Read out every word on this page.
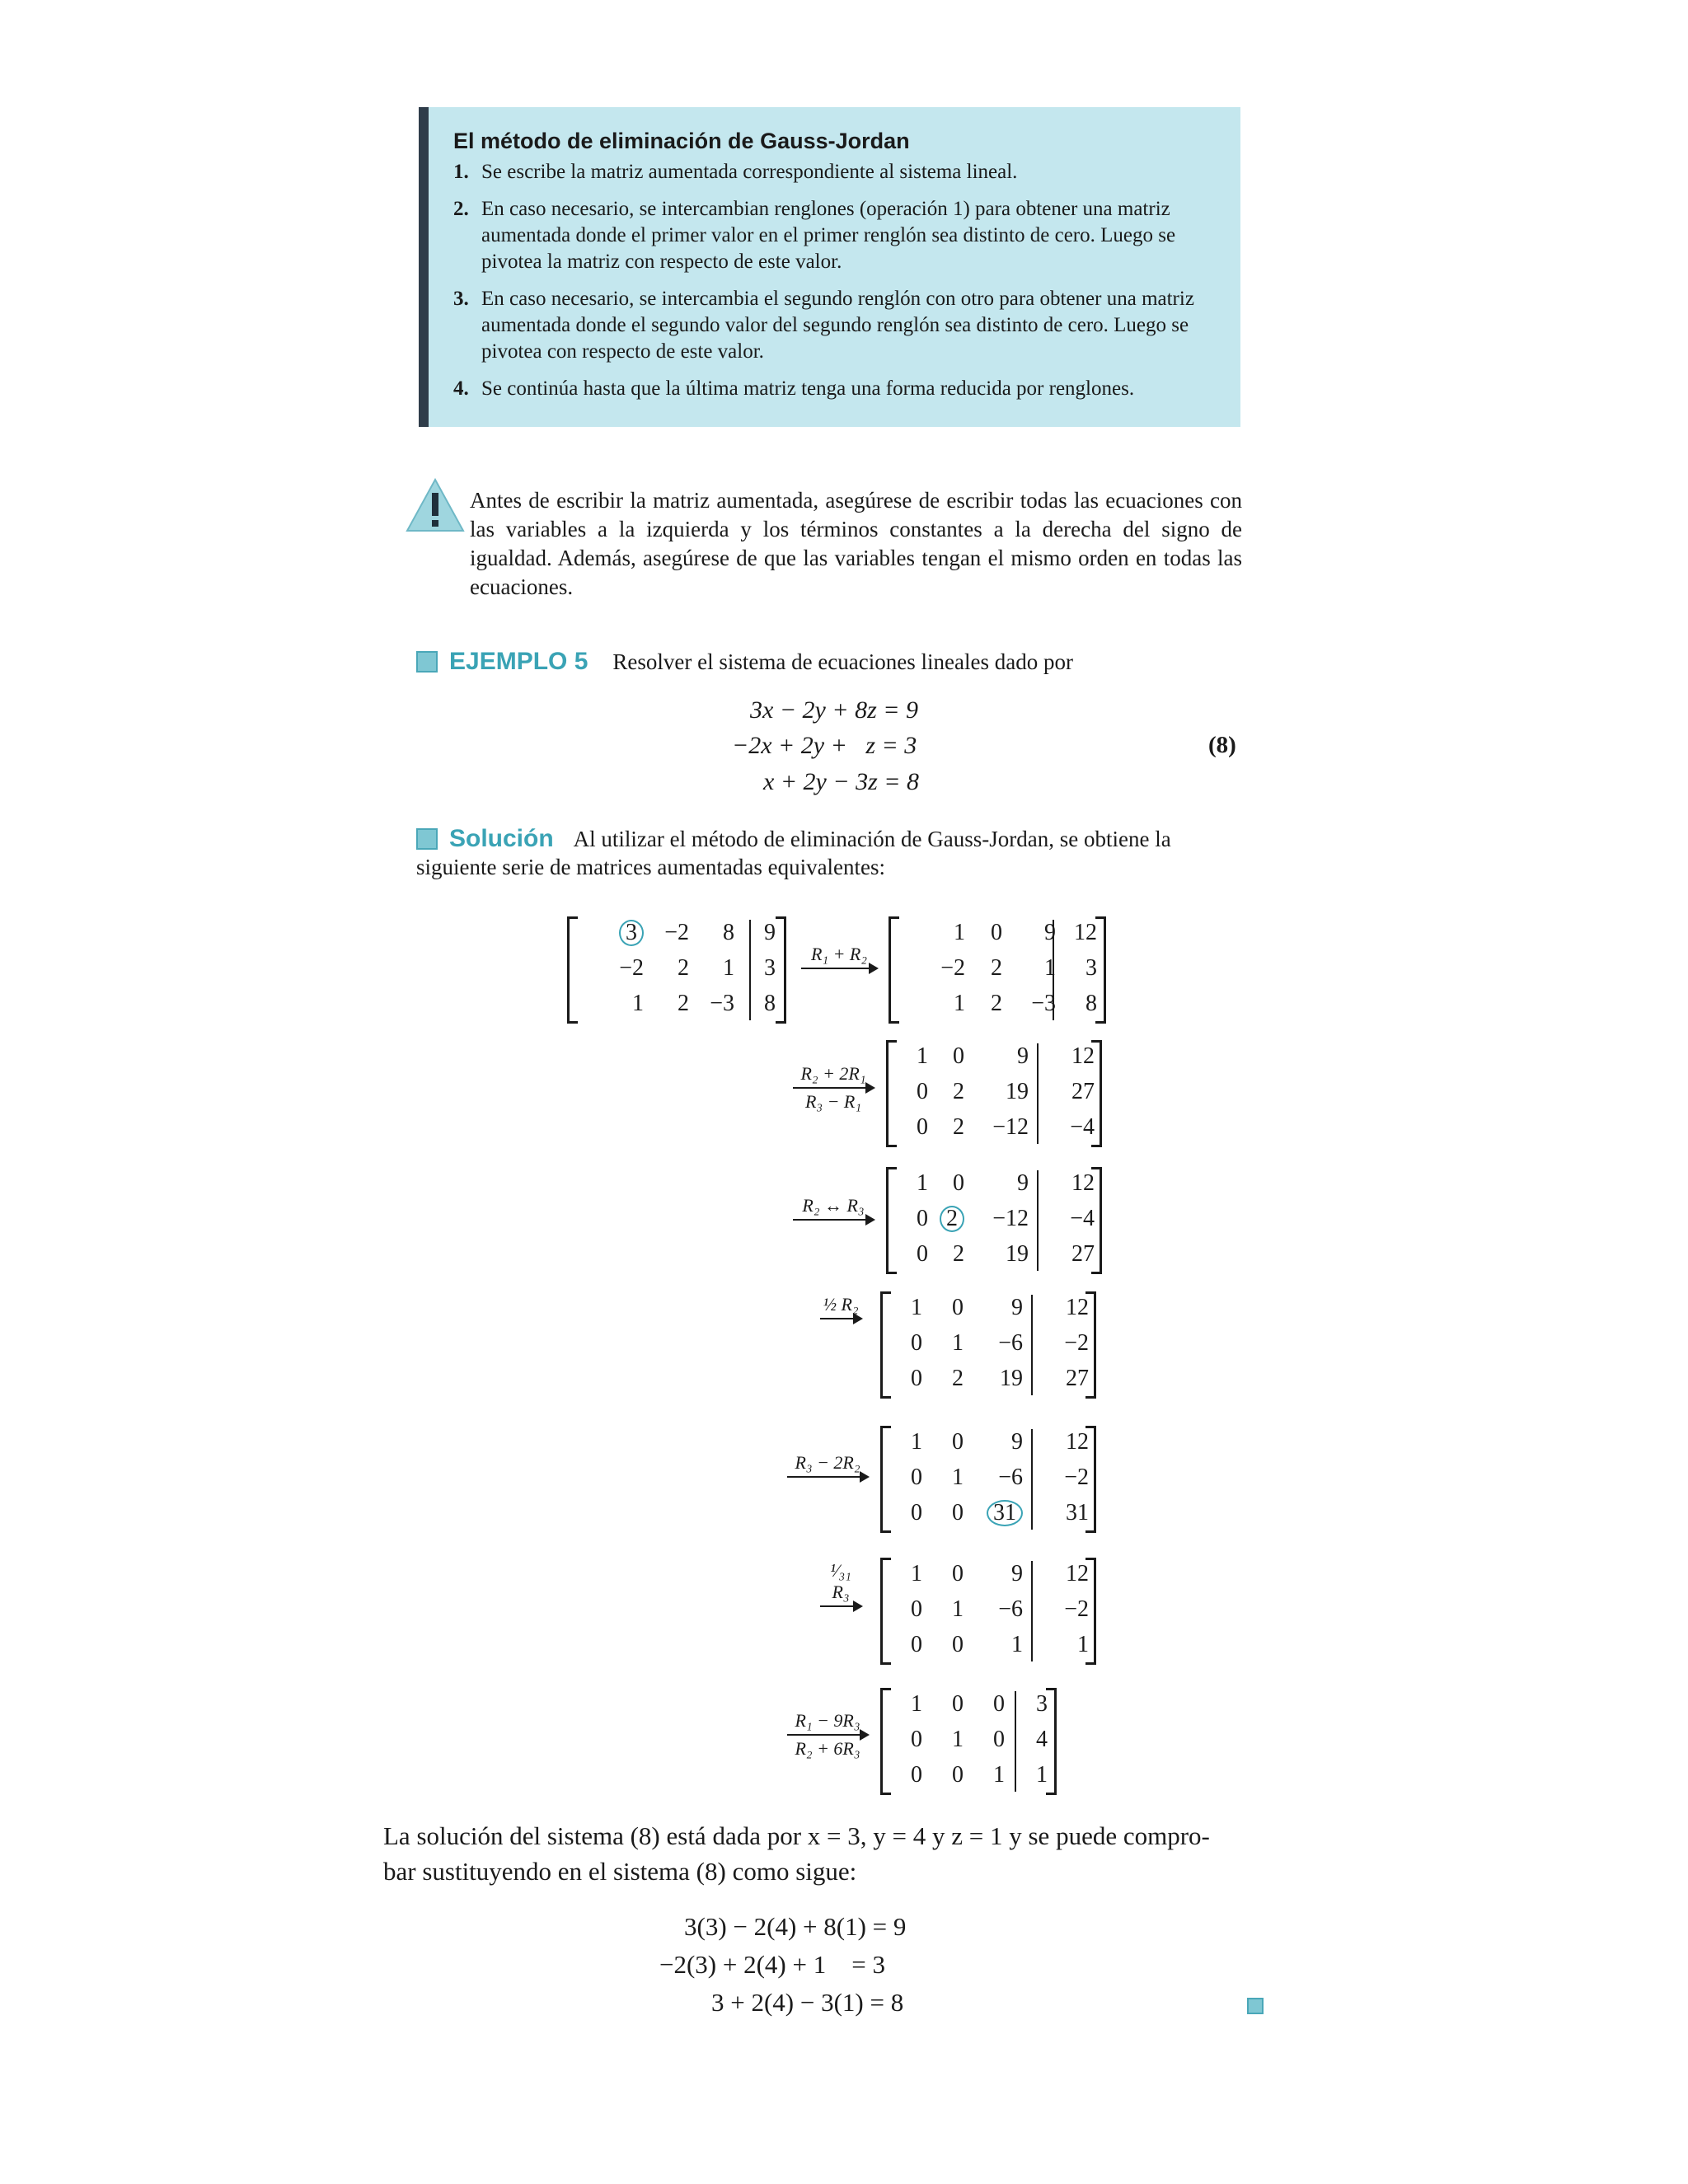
El método de eliminación de Gauss-Jordan
1. Se escribe la matriz aumentada correspondiente al sistema lineal.
2. En caso necesario, se intercambian renglones (operación 1) para obtener una matriz aumentada donde el primer valor en el primer renglón sea distinto de cero. Luego se pivotea la matriz con respecto de este valor.
3. En caso necesario, se intercambia el segundo renglón con otro para obtener una matriz aumentada donde el segundo valor del segundo renglón sea distinto de cero. Luego se pivotea con respecto de este valor.
4. Se continúa hasta que la última matriz tenga una forma reducida por renglones.
Antes de escribir la matriz aumentada, asegúrese de escribir todas las ecuaciones con las variables a la izquierda y los términos constantes a la derecha del signo de igualdad. Además, asegúrese de que las variables tengan el mismo orden en todas las ecuaciones.
EJEMPLO 5 Resolver el sistema de ecuaciones lineales dado por
3x − 2y + 8z = 9
−2x + 2y +   z = 3
x + 2y − 3z = 8
(8)
Solución Al utilizar el método de eliminación de Gauss-Jordan, se obtiene la
siguiente serie de matrices aumentadas equivalentes:
3	−2	8	9
−2	2	1	3
1	2 −3	8
R₁ + R₂
1	0	9 12
−2	2	1	3
1	2	−3	8
R₂ + 2R₁
R₃ − R₁
1	0	9	12
0	2	19	27
0	2	−12	−4
R₂ ↔ R₃
1	0	9	12
0 2	−12	−4
0	2	19	27
½ R₂	1	0	9	12
0	1	−6	−2
0	2	19	27
R₃ − 2R₂
1	0	9	12
0	1	−6	−2
0	0	31	31
¹⁄₃₁ R₃
1	0	9	12
0	1	−6	−2
0	0	1	1
R₁ − 9R₃
R₂ + 6R₃
1	0	0	3
0	1	0	4
0	0	1	1
La solución del sistema (8) está dada por x = 3, y = 4 y z = 1 y se puede compro-
bar sustituyendo en el sistema (8) como sigue:
3(3) − 2(4) + 8(1) = 9
−2(3) + 2(4) + 1    = 3
3 + 2(4) − 3(1) = 8
